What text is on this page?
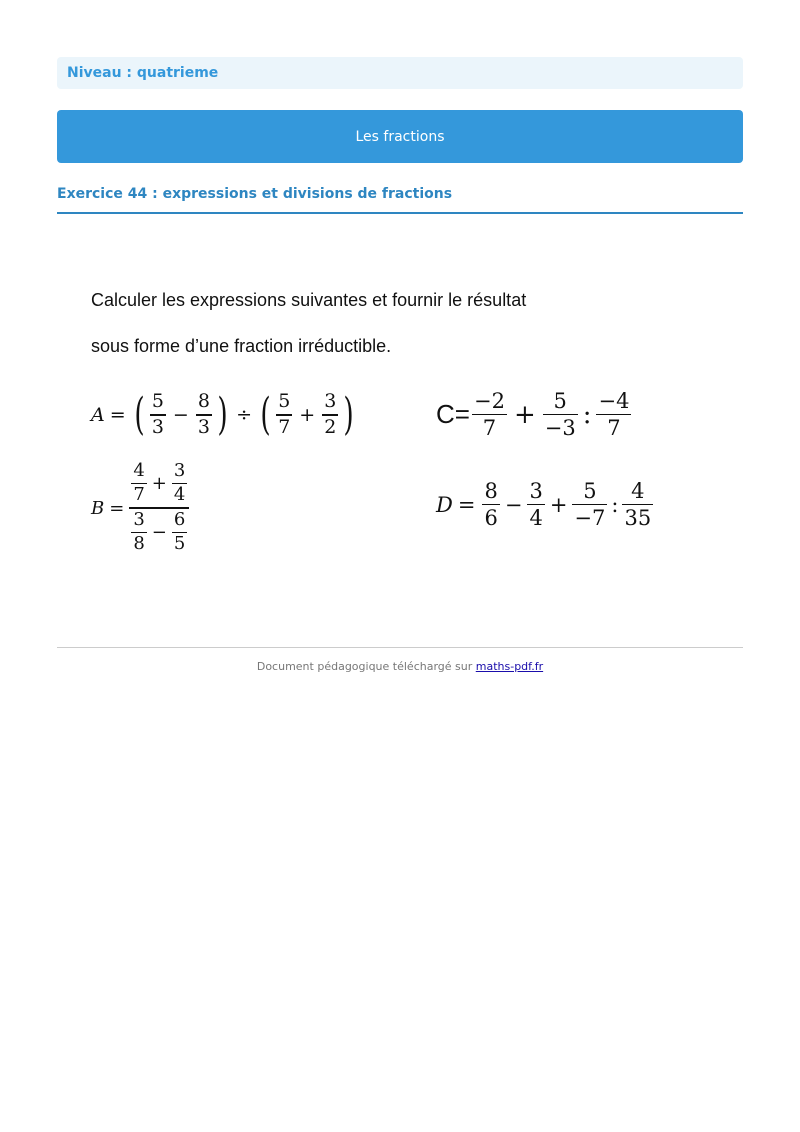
Niveau : quatrieme
Les fractions
Exercice 44 : expressions et divisions de fractions
Calculer les expressions suivantes et fournir le résultat
sous forme d’une fraction irréductible.
A = ( $\frac{5}{3} - \frac{8}{3}$ ) ÷ ( $\frac{5}{7} + \frac{3}{2}$ )
B =
$\frac{4}{7} + \frac{3}{4}$
$\frac{3}{8} - \frac{6}{5}$
$C= \frac{-2}{7} + \frac{5}{-3}$ : $\frac{-4}{7}$
$D = \frac{8}{6} - \frac{3}{4} + \frac{5}{-7}$ : $\frac{4}{35}$
Document pédagogique téléchargé sur maths-pdf.fr
